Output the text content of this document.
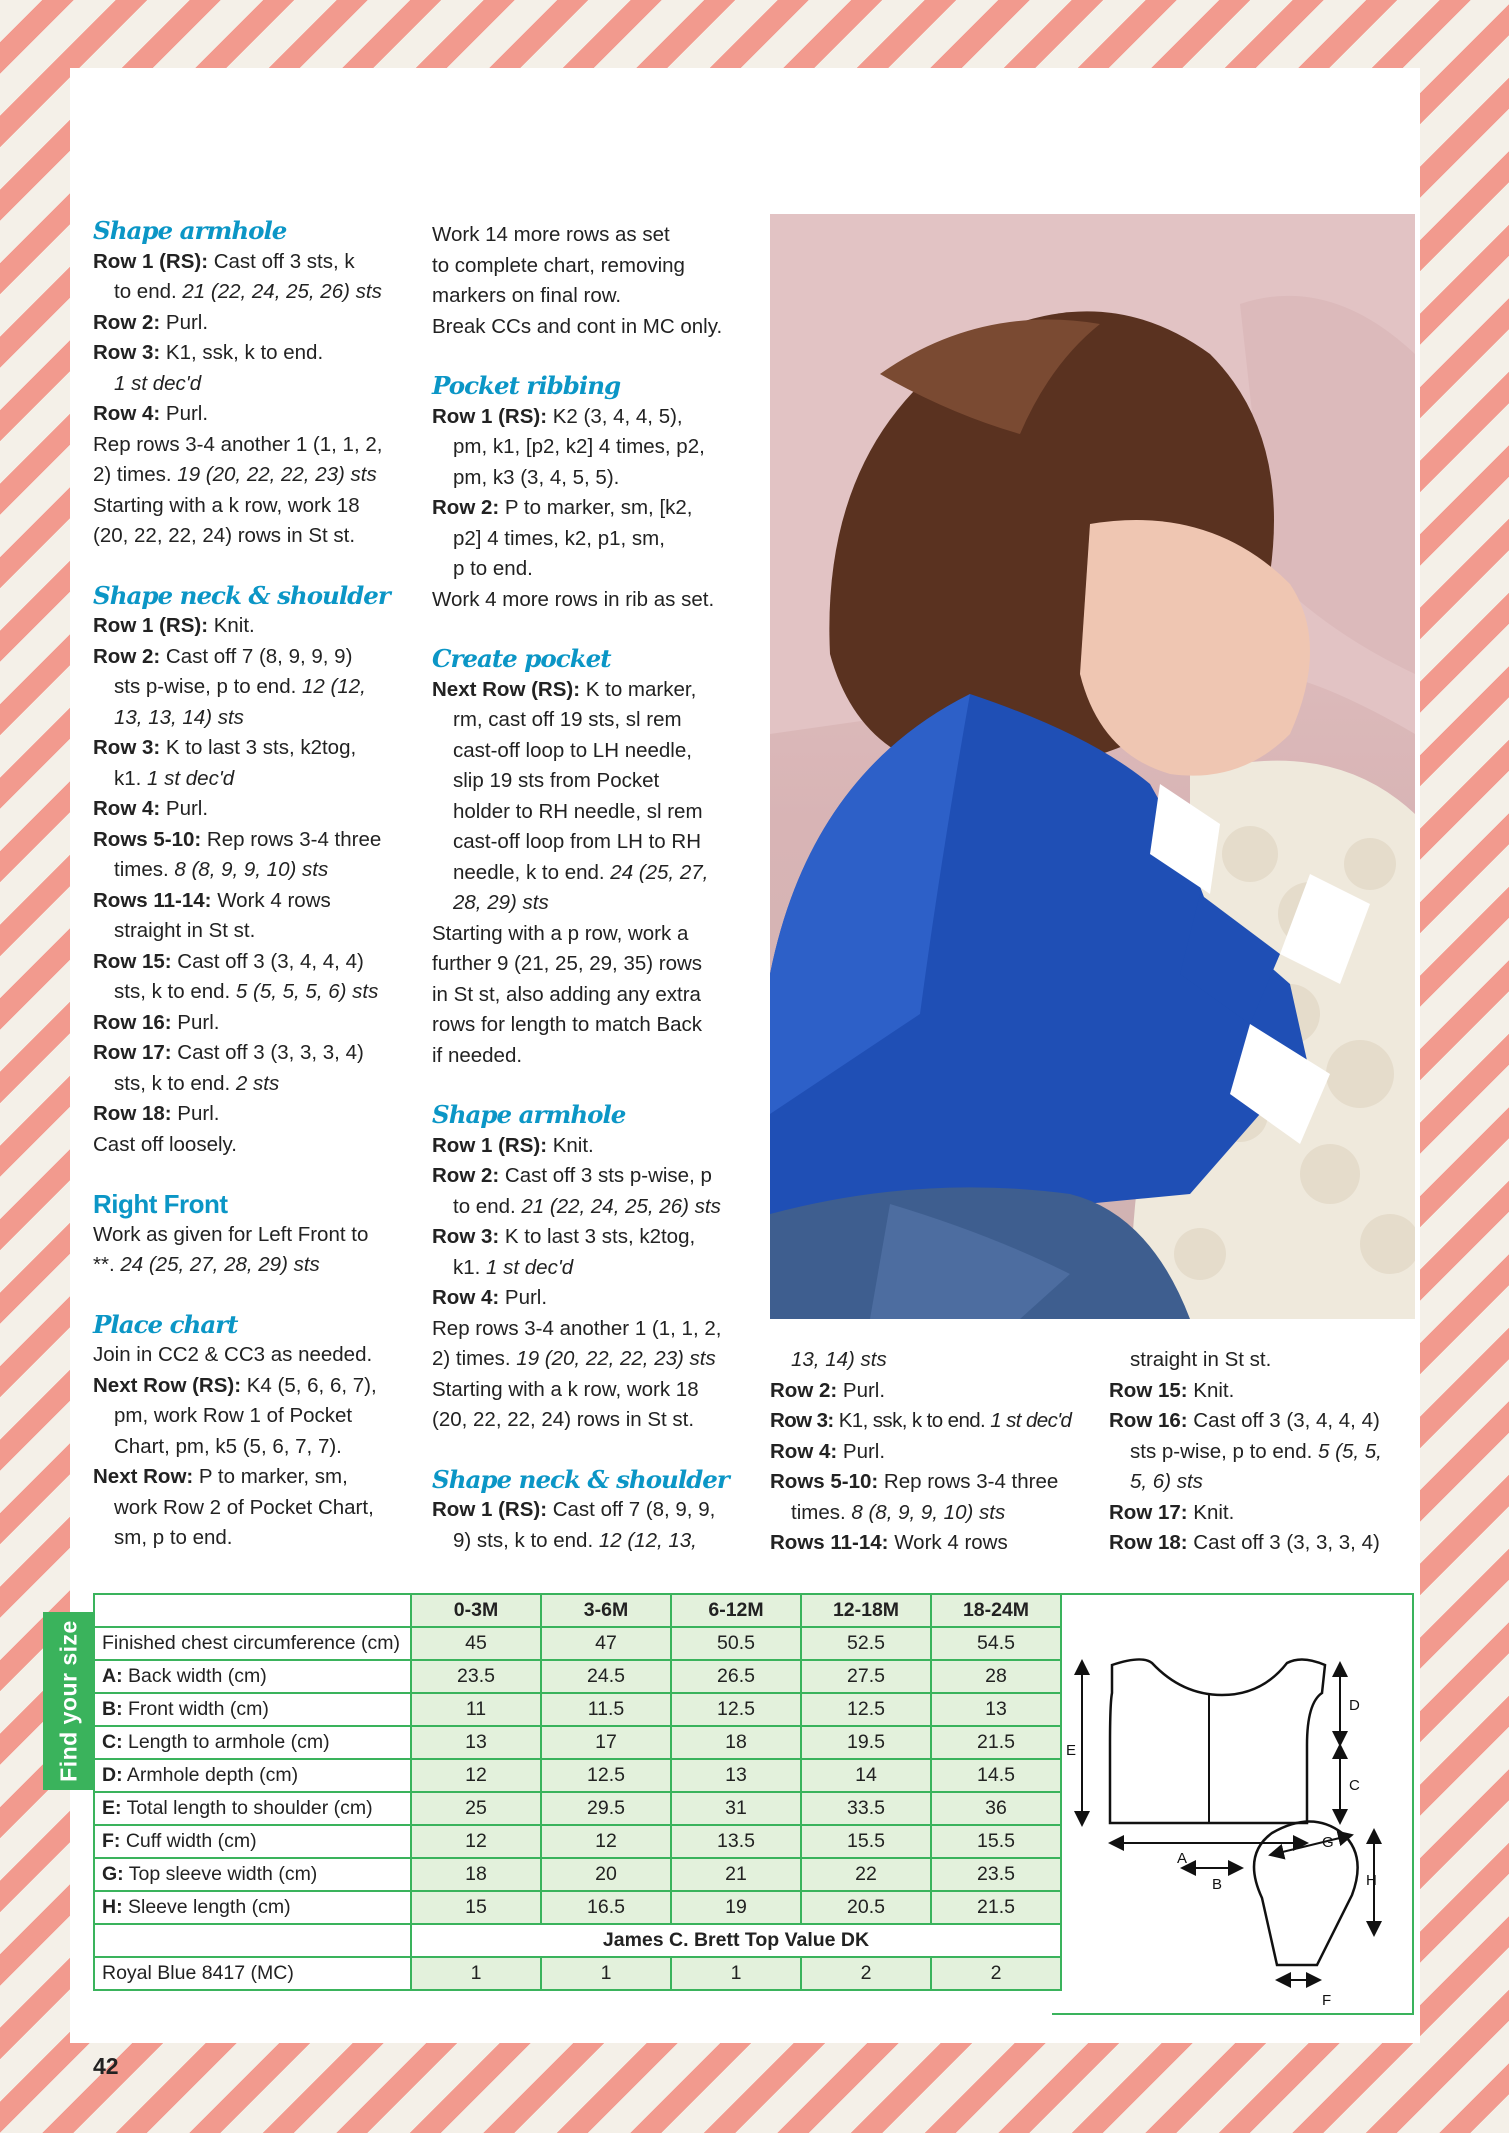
Shape armhole

Row 1 (RS): Cast off 3 sts, k

to end. 21 (22, 24, 25, 26) sts

Row 2: Purl.

Row 3: K1, ssk, k to end.

1 st dec'd

Row 4: Purl.

Rep rows 3-4 another 1 (1, 1, 2,

2) times. 19 (20, 22, 22, 23) sts

Starting with a k row, work 18

(20, 22, 22, 24) rows in St st.

Shape neck & shoulder

Row 1 (RS): Knit.

Row 2: Cast off 7 (8, 9, 9, 9)

sts p-wise, p to end. 12 (12,

13, 13, 14) sts

Row 3: K to last 3 sts, k2tog,

k1. 1 st dec'd

Row 4: Purl.

Rows 5-10: Rep rows 3-4 three

times. 8 (8, 9, 9, 10) sts

Rows 11-14: Work 4 rows

straight in St st.

Row 15: Cast off 3 (3, 4, 4, 4)

sts, k to end. 5 (5, 5, 5, 6) sts

Row 16: Purl.

Row 17: Cast off 3 (3, 3, 3, 4)

sts, k to end. 2 sts

Row 18: Purl.

Cast off loosely.

Right Front

Work as given for Left Front to

**. 24 (25, 27, 28, 29) sts

Place chart

Join in CC2 & CC3 as needed.

Next Row (RS): K4 (5, 6, 6, 7),

pm, work Row 1 of Pocket

Chart, pm, k5 (5, 6, 7, 7).

Next Row: P to marker, sm,

work Row 2 of Pocket Chart,

sm, p to end.

Work 14 more rows as set

to complete chart, removing

markers on final row.

Break CCs and cont in MC only.

Pocket ribbing

Row 1 (RS): K2 (3, 4, 4, 5),

pm, k1, [p2, k2] 4 times, p2,

pm, k3 (3, 4, 5, 5).

Row 2: P to marker, sm, [k2,

p2] 4 times, k2, p1, sm,

p to end.

Work 4 more rows in rib as set.

Create pocket

Next Row (RS): K to marker,

rm, cast off 19 sts, sl rem

cast-off loop to LH needle,

slip 19 sts from Pocket

holder to RH needle, sl rem

cast-off loop from LH to RH

needle, k to end. 24 (25, 27,

28, 29) sts

Starting with a p row, work a

further 9 (21, 25, 29, 35) rows

in St st, also adding any extra

rows for length to match Back

if needed.

Shape armhole

Row 1 (RS): Knit.

Row 2: Cast off 3 sts p-wise, p

to end. 21 (22, 24, 25, 26) sts

Row 3: K to last 3 sts, k2tog,

k1. 1 st dec'd

Row 4: Purl.

Rep rows 3-4 another 1 (1, 1, 2,

2) times. 19 (20, 22, 22, 23) sts

Starting with a k row, work 18

(20, 22, 22, 24) rows in St st.

Shape neck & shoulder

Row 1 (RS): Cast off 7 (8, 9, 9,

9) sts, k to end. 12 (12, 13,

13, 14) sts

Row 2: Purl.

Row 3: K1, ssk, k to end. 1 st dec'd

Row 4: Purl.

Rows 5-10: Rep rows 3-4 three

times. 8 (8, 9, 9, 10) sts

Rows 11-14: Work 4 rows

straight in St st.

Row 15: Knit.

Row 16: Cast off 3 (3, 4, 4, 4)

sts p-wise, p to end. 5 (5, 5,

5, 6) sts

Row 17: Knit.

Row 18: Cast off 3 (3, 3, 3, 4)

Find your size
	0-3M	3-6M	6-12M	12-18M	18-24M
Finished chest circumference (cm)	45	47	50.5	52.5	54.5
A: Back width (cm)	23.5	24.5	26.5	27.5	28
B: Front width (cm)	11	11.5	12.5	12.5	13
C: Length to armhole (cm)	13	17	18	19.5	21.5
D: Armhole depth (cm)	12	12.5	13	14	14.5
E: Total length to shoulder (cm)	25	29.5	31	33.5	36
F: Cuff width (cm)	12	12	13.5	15.5	15.5
G: Top sleeve width (cm)	18	20	21	22	23.5
H: Sleeve length (cm)	15	16.5	19	20.5	21.5
	James C. Brett Top Value DK				
Royal Blue 8417 (MC)	1	1	1	2	2
E
D
C
A
B
G
H
F
42
